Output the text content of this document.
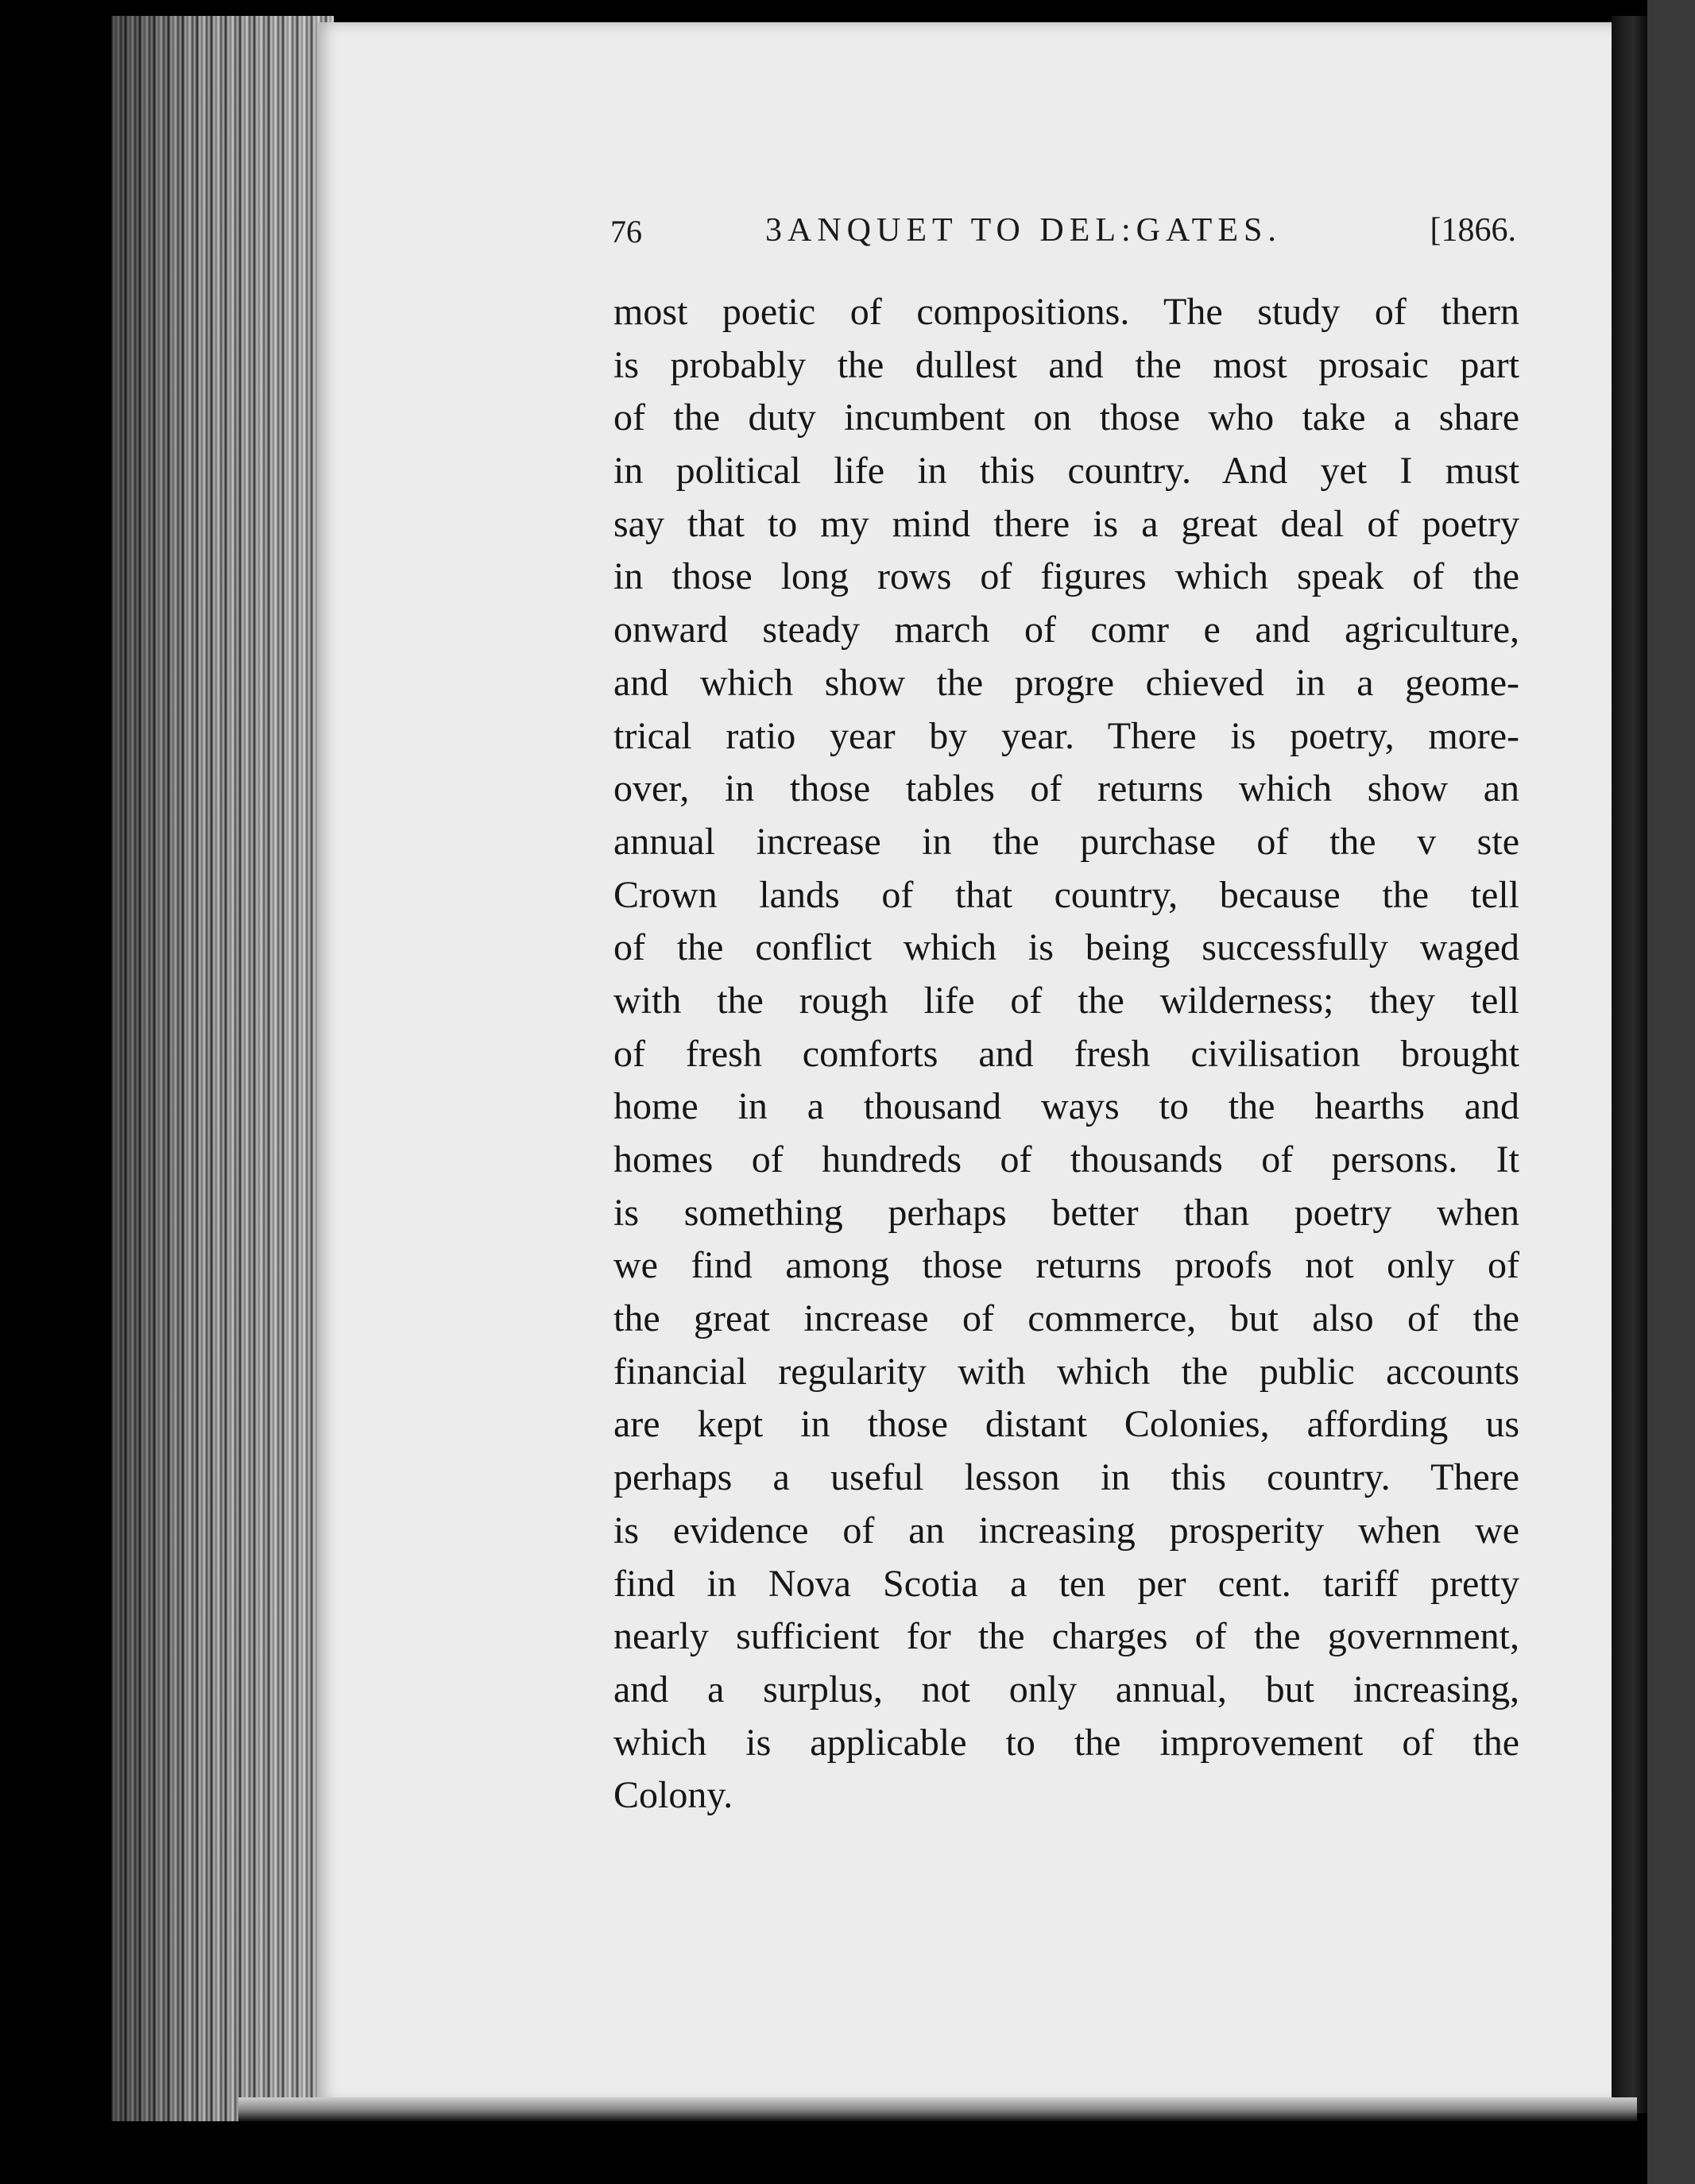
76	3ANQUET TO DEL:GATES.	[1866.
most poetic of compositions. The study of thern
is probably the dullest and the most prosaic part
of the duty incumbent on those who take a share
in political life in this country. And yet I must
say that to my mind there is a great deal of poetry
in those long rows of figures which speak of the
onward steady march of comr e and agriculture,
and which show the progre chieved in a geome-
trical ratio year by year. There is poetry, more-
over, in those tables of returns which show an
annual increase in the purchase of the v ste
Crown lands of that country, because the tell
of the conflict which is being successfully waged
with the rough life of the wilderness; they tell
of fresh comforts and fresh civilisation brought
home in a thousand ways to the hearths and
homes of hundreds of thousands of persons. It
is something perhaps better than poetry when
we find among those returns proofs not only of
the great increase of commerce, but also of the
financial regularity with which the public accounts
are kept in those distant Colonies, affording us
perhaps a useful lesson in this country. There
is evidence of an increasing prosperity when we
find in Nova Scotia a ten per cent. tariff pretty
nearly sufficient for the charges of the government,
and a surplus, not only annual, but increasing,
which is applicable to the improvement of the
Colony.
